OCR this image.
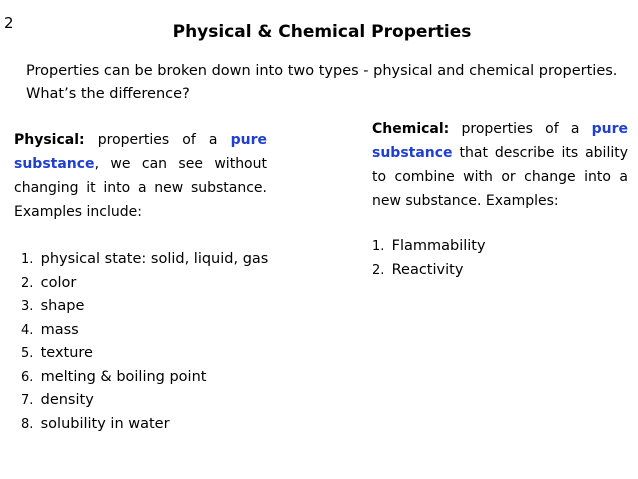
2	Physical & Chemical Properties
Properties can be broken down into two types - physical and chemical properties.
What’s the difference?
Physical: properties of a pure substance, we can see without changing it into a new substance. Examples include:
1. physical state: solid, liquid, gas
2. color
3. shape
4. mass
5. texture
6. melting & boiling point
7. density
8. solubility in water
Chemical: properties of a pure substance that describe its ability to combine with or change into a new substance. Examples:
1. Flammability
2. Reactivity
